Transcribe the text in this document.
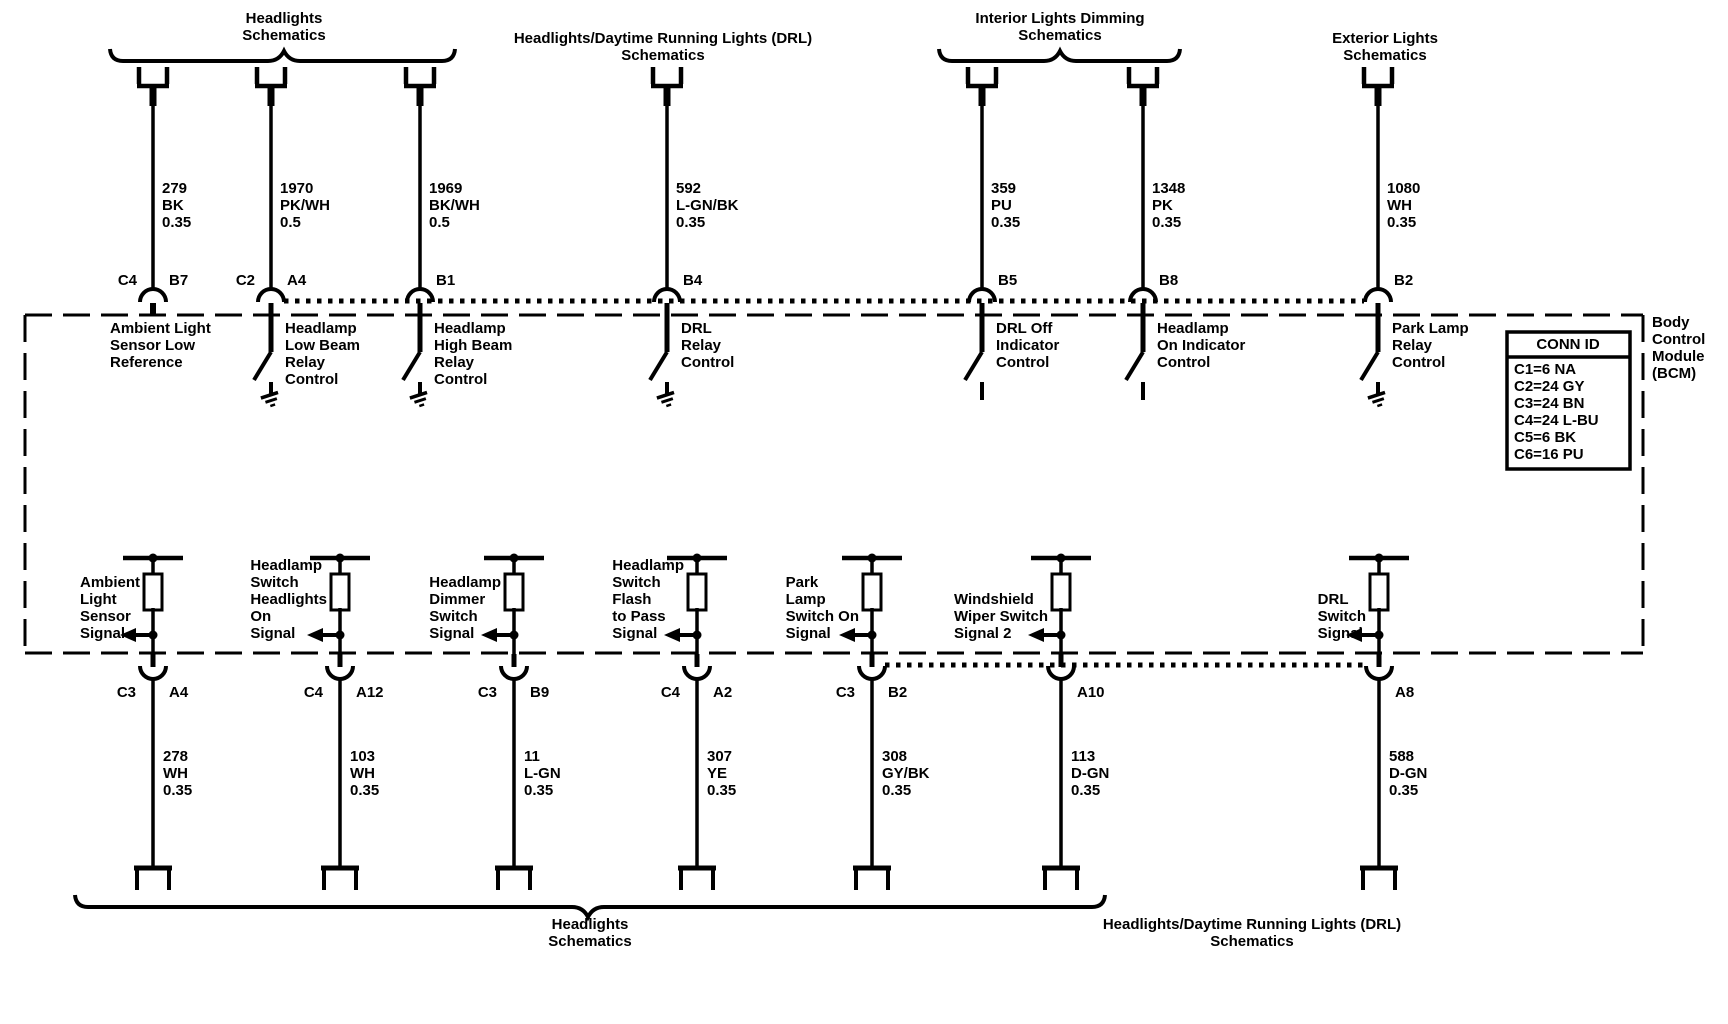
Headlights
Schematics	Headlights/Daytime Running Lights (DRL)
Schematics
Interior Lights Dimming
Schematics	Exterior Lights
Schematics
279
BK
0.35
1970
PK/WH
0.5
1969
BK/WH
0.5
592
L-GN/BK
0.35
359
PU
0.35
1348
PK
0.35
1080
WH
0.35
C4 B7	C2 A4	B1	B4	B5	B8	B2
Ambient Light
Sensor Low
Reference
Headlamp
Low Beam
Relay
Control
Headlamp
High Beam
Relay
Control
DRL
Relay
Control
DRL Off
Indicator
Control
Headlamp
On Indicator
Control
Park Lamp
Relay
Control
CONN ID
C1=6 NA
C2=24 GY
C3=24 BN
C4=24 L-BU
C5=6 BK
C6=16 PU
Body
Control
Module
(BCM)
Ambient
Light
Sensor
Signal
Headlamp
Switch
Headlights
On
Signal
Headlamp
Dimmer
Switch
Signal
Headlamp
Switch
Flash
to Pass
Signal
Park
Lamp
Switch On
Signal
Windshield
Wiper Switch
Signal 2
DRL
Switch
Signal
C3 A4	C4 A12	C3 B9	C4 A2	C3 B2	A10	A8
278
WH
0.35
103
WH
0.35
11
L-GN
0.35
307
YE
0.35
308
GY/BK
0.35
113
D-GN
0.35
588
D-GN
0.35
Headlights
Schematics
Headlights/Daytime Running Lights (DRL)
Schematics
